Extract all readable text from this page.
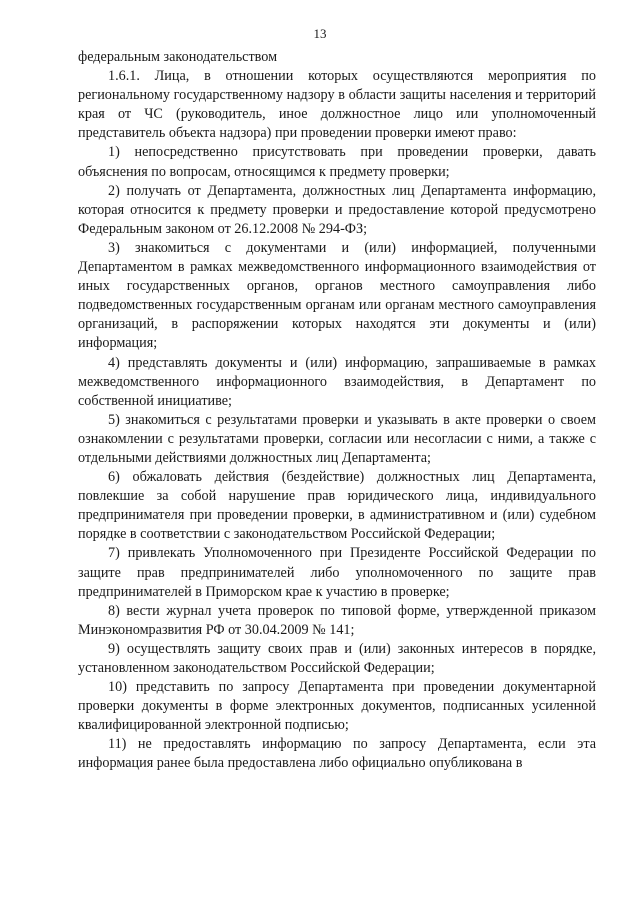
13

федеральным законодательством

1.6.1. Лица, в отношении которых осуществляются мероприятия по региональному государственному надзору в области защиты населения и территорий края от ЧС (руководитель, иное должностное лицо или уполномоченный представитель объекта надзора) при проведении проверки имеют право:

1) непосредственно присутствовать при проведении проверки, давать объяснения по вопросам, относящимся к предмету проверки;

2) получать от Департамента, должностных лиц Департамента информацию, которая относится к предмету проверки и предоставление которой предусмотрено Федеральным законом от 26.12.2008 № 294-ФЗ;

3) знакомиться с документами и (или) информацией, полученными Департаментом в рамках межведомственного информационного взаимодействия от иных государственных органов, органов местного самоуправления либо подведомственных государственным органам или органам местного самоуправления организаций, в распоряжении которых находятся эти документы и (или) информация;

4) представлять документы и (или) информацию, запрашиваемые в рамках межведомственного информационного взаимодействия, в Департамент по собственной инициативе;

5) знакомиться с результатами проверки и указывать в акте проверки о своем ознакомлении с результатами проверки, согласии или несогласии с ними, а также с отдельными действиями должностных лиц Департамента;

6) обжаловать действия (бездействие) должностных лиц Департамента, повлекшие за собой нарушение прав юридического лица, индивидуального предпринимателя при проведении проверки, в административном и (или) судебном порядке в соответствии с законодательством Российской Федерации;

7) привлекать Уполномоченного при Президенте Российской Федерации по защите прав предпринимателей либо уполномоченного по защите прав предпринимателей в Приморском крае к участию в проверке;

8) вести журнал учета проверок по типовой форме, утвержденной приказом Минэкономразвития РФ от 30.04.2009 № 141;

9) осуществлять защиту своих прав и (или) законных интересов в порядке, установленном законодательством Российской Федерации;

10) представить по запросу Департамента при проведении документарной проверки документы в форме электронных документов, подписанных усиленной квалифицированной электронной подписью;

11) не предоставлять информацию по запросу Департамента, если эта информация ранее была предоставлена либо официально опубликована в
